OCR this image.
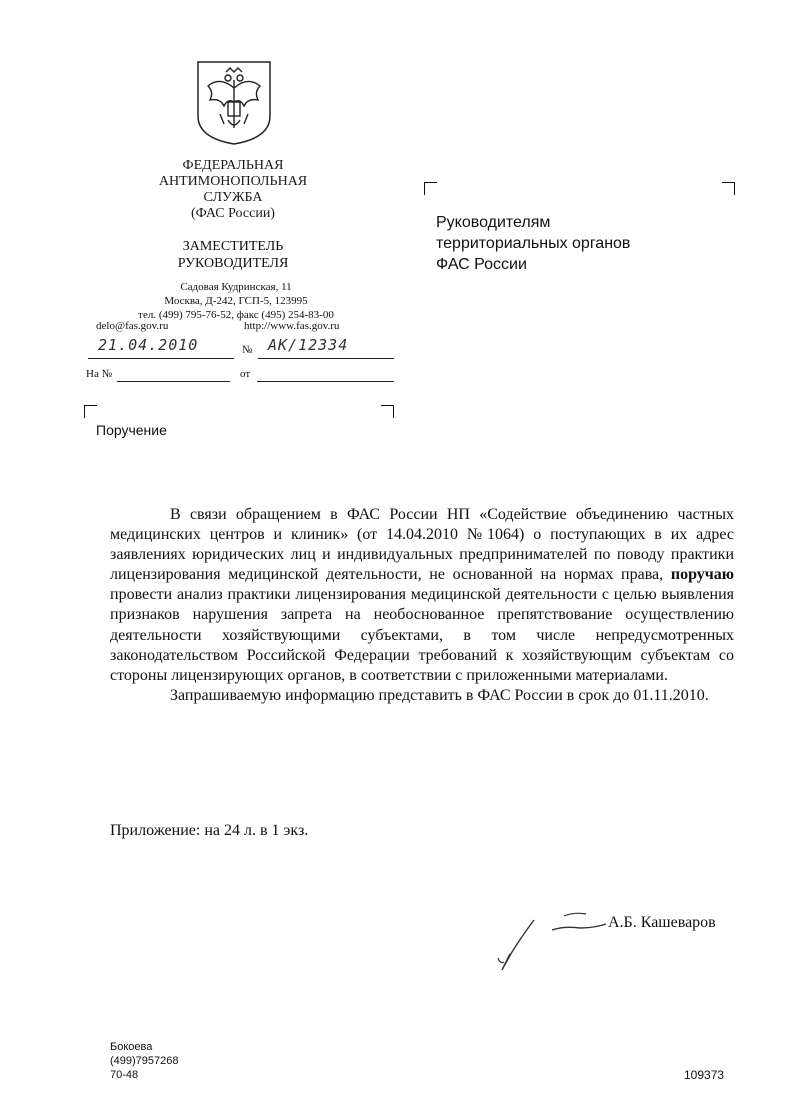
ФЕДЕРАЛЬНАЯ
АНТИМОНОПОЛЬНАЯ
СЛУЖБА
(ФАС России)
ЗАМЕСТИТЕЛЬ
РУКОВОДИТЕЛЯ
Садовая Кудринская, 11
Москва, Д-242, ГСП-5, 123995
тел. (499) 795-76-52, факс (495) 254-83-00
delo@fas.gov.ru	http://www.fas.gov.ru
21.04.2010	№ АК/12334
На №	от
Руководителям
территориальных органов
ФАС России
Поручение

В связи обращением в ФАС России НП «Содействие объединению частных медицинских центров и клиник» (от 14.04.2010 №1064) о поступающих в их адрес заявлениях юридических лиц и индивидуальных предпринимателей по поводу практики лицензирования медицинской деятельности, не основанной на нормах права, поручаю провести анализ практики лицензирования медицинской деятельности с целью выявления признаков нарушения запрета на необоснованное препятствование осуществлению деятельности хозяйствующими субъектами, в том числе непредусмотренных законодательством Российской Федерации требований к хозяйствующим субъектам со стороны лицензирующих органов, в соответствии с приложенными материалами.

Запрашиваемую информацию представить в ФАС России в срок до 01.11.2010.

Приложение: на 24 л. в 1 экз.
А.Б. Кашеваров
Бокоева
(499)7957268
70-48	109373
